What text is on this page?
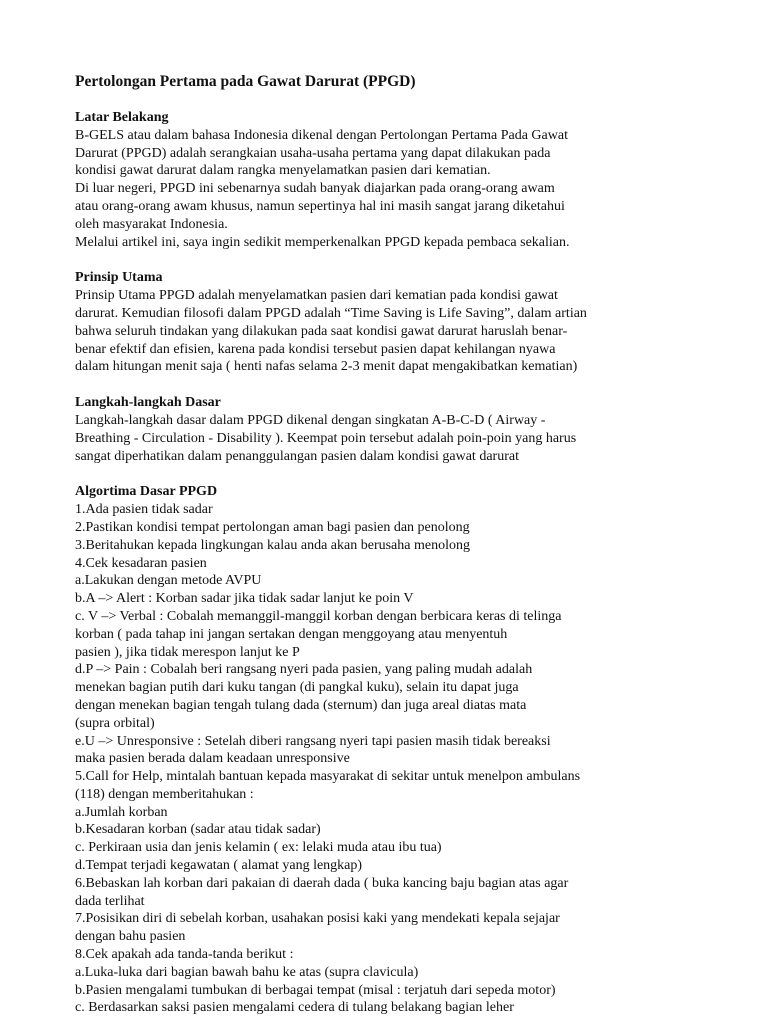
Pertolongan Pertama pada Gawat Darurat (PPGD)
Latar Belakang
B-GELS atau dalam bahasa Indonesia dikenal dengan Pertolongan Pertama Pada Gawat
Darurat (PPGD) adalah serangkaian usaha-usaha pertama yang dapat dilakukan pada
kondisi gawat darurat dalam rangka menyelamatkan pasien dari kematian.
Di luar negeri, PPGD ini sebenarnya sudah banyak diajarkan pada orang-orang awam
atau orang-orang awam khusus, namun sepertinya hal ini masih sangat jarang diketahui
oleh masyarakat Indonesia.
Melalui artikel ini, saya ingin sedikit memperkenalkan PPGD kepada pembaca sekalian.
Prinsip Utama
Prinsip Utama PPGD adalah menyelamatkan pasien dari kematian pada kondisi gawat
darurat. Kemudian filosofi dalam PPGD adalah “Time Saving is Life Saving”, dalam artian
bahwa seluruh tindakan yang dilakukan pada saat kondisi gawat darurat haruslah benar-
benar efektif dan efisien, karena pada kondisi tersebut pasien dapat kehilangan nyawa
dalam hitungan menit saja ( henti nafas selama 2-3 menit dapat mengakibatkan kematian)
Langkah-langkah Dasar
Langkah-langkah dasar dalam PPGD dikenal dengan singkatan A-B-C-D ( Airway -
Breathing - Circulation - Disability ). Keempat poin tersebut adalah poin-poin yang harus
sangat diperhatikan dalam penanggulangan pasien dalam kondisi gawat darurat
Algortima Dasar PPGD
1.Ada pasien tidak sadar
2.Pastikan kondisi tempat pertolongan aman bagi pasien dan penolong
3.Beritahukan kepada lingkungan kalau anda akan berusaha menolong
4.Cek kesadaran pasien
a.Lakukan dengan metode AVPU
b.A –> Alert : Korban sadar jika tidak sadar lanjut ke poin V
c. V –> Verbal : Cobalah memanggil-manggil korban dengan berbicara keras di telinga
korban ( pada tahap ini jangan sertakan dengan menggoyang atau menyentuh
pasien ), jika tidak merespon lanjut ke P
d.P –> Pain : Cobalah beri rangsang nyeri pada pasien, yang paling mudah adalah
menekan bagian putih dari kuku tangan (di pangkal kuku), selain itu dapat juga
dengan menekan bagian tengah tulang dada (sternum) dan juga areal diatas mata
(supra orbital)
e.U –> Unresponsive : Setelah diberi rangsang nyeri tapi pasien masih tidak bereaksi
maka pasien berada dalam keadaan unresponsive
5.Call for Help, mintalah bantuan kepada masyarakat di sekitar untuk menelpon ambulans
(118) dengan memberitahukan :
a.Jumlah korban
b.Kesadaran korban (sadar atau tidak sadar)
c. Perkiraan usia dan jenis kelamin ( ex: lelaki muda atau ibu tua)
d.Tempat terjadi kegawatan ( alamat yang lengkap)
6.Bebaskan lah korban dari pakaian di daerah dada ( buka kancing baju bagian atas agar
dada terlihat
7.Posisikan diri di sebelah korban, usahakan posisi kaki yang mendekati kepala sejajar
dengan bahu pasien
8.Cek apakah ada tanda-tanda berikut :
a.Luka-luka dari bagian bawah bahu ke atas (supra clavicula)
b.Pasien mengalami tumbukan di berbagai tempat (misal : terjatuh dari sepeda motor)
c. Berdasarkan saksi pasien mengalami cedera di tulang belakang bagian leher
